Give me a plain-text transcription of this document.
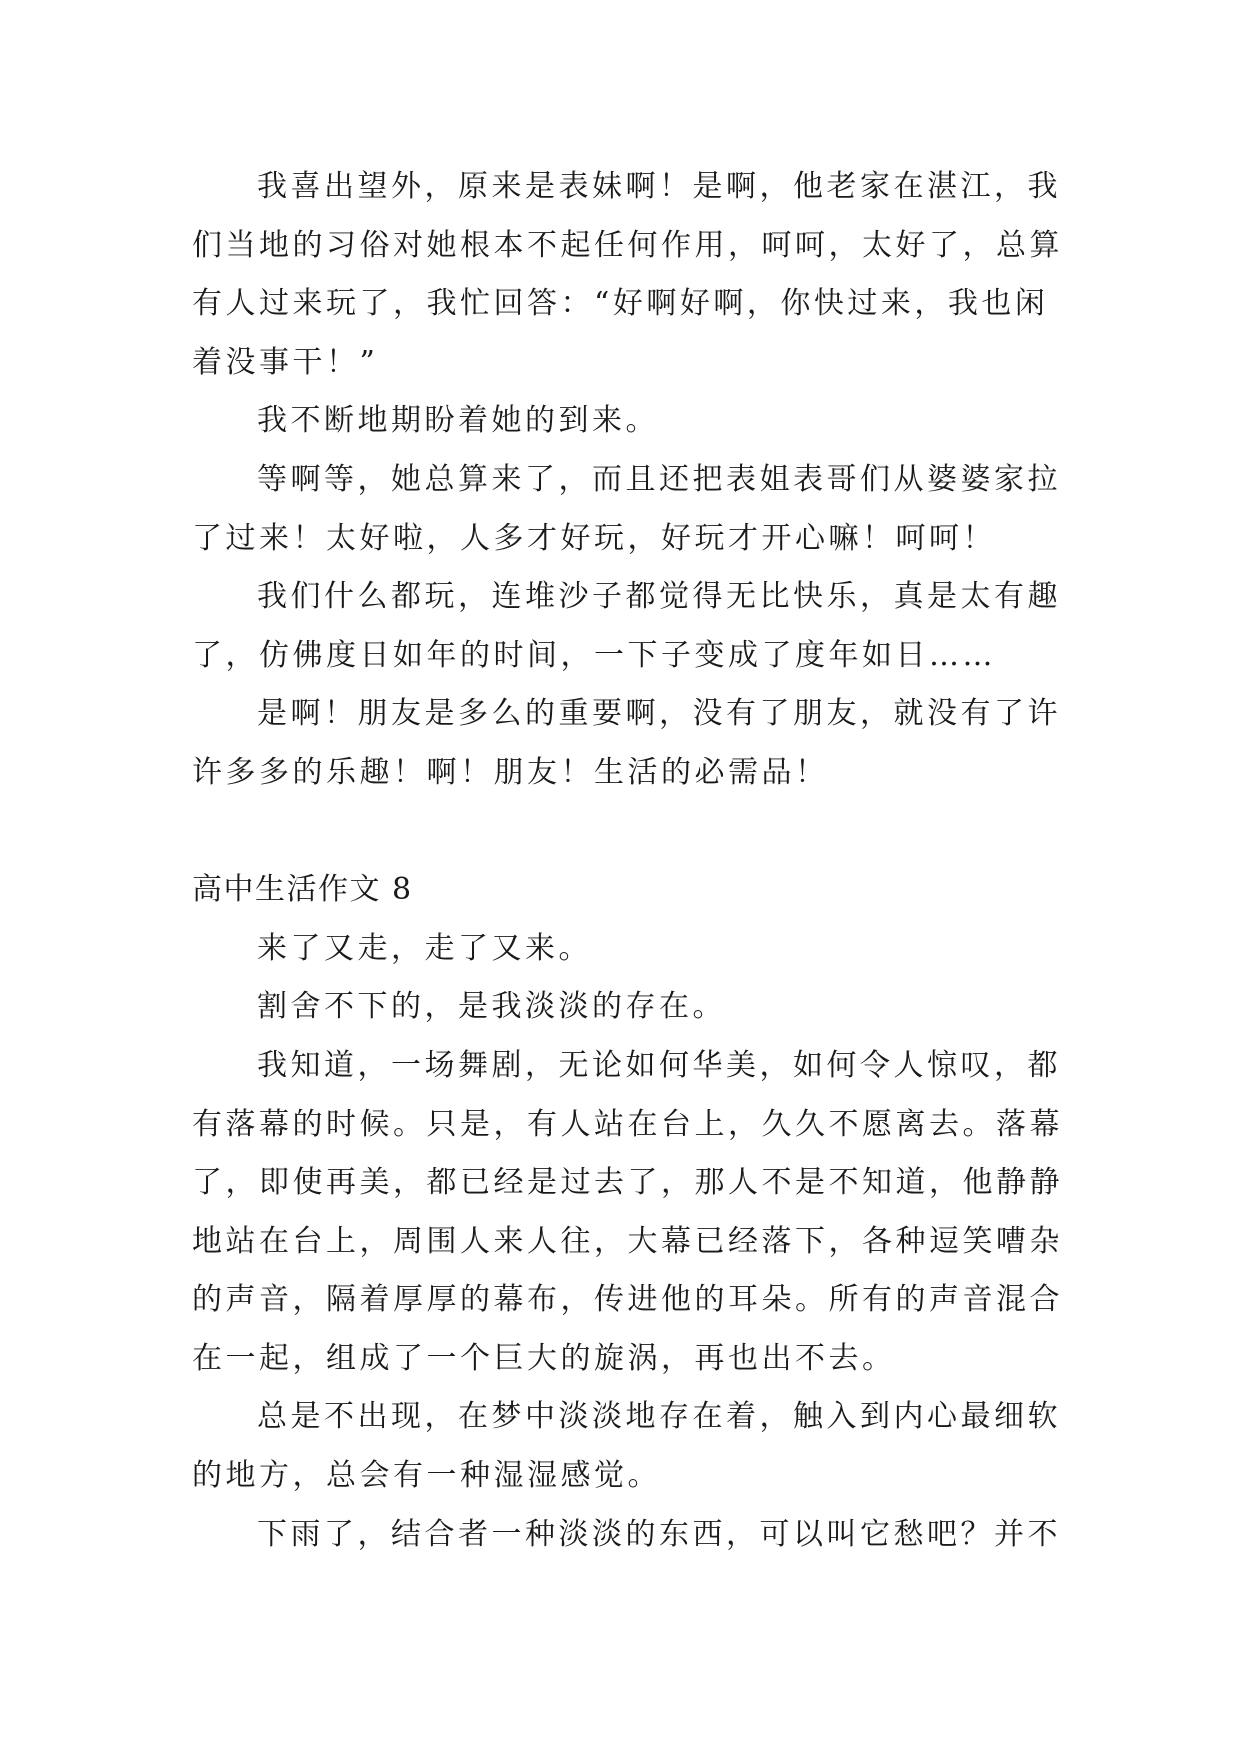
我喜出望外，原来是表妹啊！是啊，他老家在湛江，我
们当地的习俗对她根本不起任何作用，呵呵，太好了，总算
有人过来玩了，我忙回答：“好啊好啊，你快过来，我也闲
着没事干！”
我不断地期盼着她的到来。
等啊等，她总算来了，而且还把表姐表哥们从婆婆家拉
了过来！太好啦，人多才好玩，好玩才开心嘛！呵呵！
我们什么都玩，连堆沙子都觉得无比快乐，真是太有趣
了，仿佛度日如年的时间，一下子变成了度年如日……
是啊！朋友是多么的重要啊，没有了朋友，就没有了许
许多多的乐趣！啊！朋友！生活的必需品！
高中生活作文 8
来了又走，走了又来。
割舍不下的，是我淡淡的存在。
我知道，一场舞剧，无论如何华美，如何令人惊叹，都
有落幕的时候。只是，有人站在台上，久久不愿离去。落幕
了，即使再美，都已经是过去了，那人不是不知道，他静静
地站在台上，周围人来人往，大幕已经落下，各种逗笑嘈杂
的声音，隔着厚厚的幕布，传进他的耳朵。所有的声音混合
在一起，组成了一个巨大的旋涡，再也出不去。
总是不出现，在梦中淡淡地存在着，触入到内心最细软
的地方，总会有一种湿湿感觉。
下雨了，结合者一种淡淡的东西，可以叫它愁吧？并不
